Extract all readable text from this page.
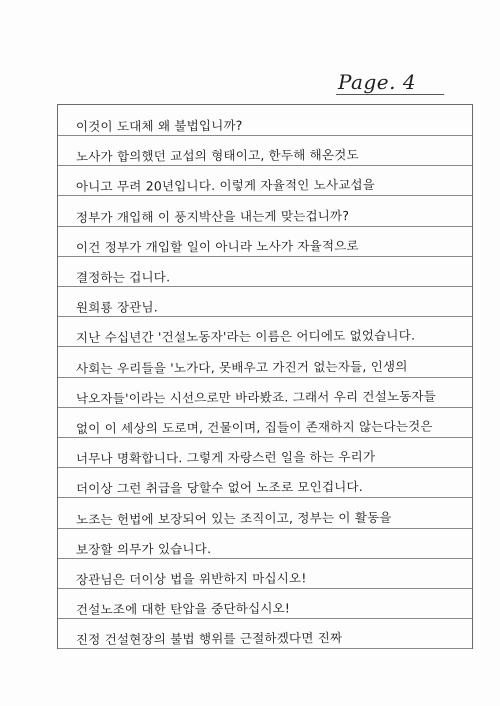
Page. 4
이것이 도대체 왜 불법입니까?
노사가 합의했던 교섭의 형태이고, 한두해 해온것도
아니고 무려 20년입니다. 이렇게 자율적인 노사교섭을
정부가 개입해 이 풍지박산을 내는게 맞는겁니까?
이건 정부가 개입할 일이 아니라 노사가 자율적으로
결정하는 겁니다.
원희룡 장관님.
지난 수십년간 '건설노동자'라는 이름은 어디에도 없었습니다.
사회는 우리들을 '노가다, 못배우고 가진거 없는자들, 인생의
낙오자들'이라는 시선으로만 바라봤죠. 그래서 우리 건설노동자들
없이 이 세상의 도로며, 건물이며, 집들이 존재하지 않는다는것은
너무나 명확합니다. 그렇게 자랑스런 일을 하는 우리가
더이상 그런 취급을 당할수 없어 노조로 모인겁니다.
노조는 헌법에 보장되어 있는 조직이고, 정부는 이 활동을
보장할 의무가 있습니다.
장관님은 더이상 법을 위반하지 마십시오!
건설노조에 대한 탄압을 중단하십시오!
진정 건설현장의 불법 행위를 근절하겠다면 진짜
